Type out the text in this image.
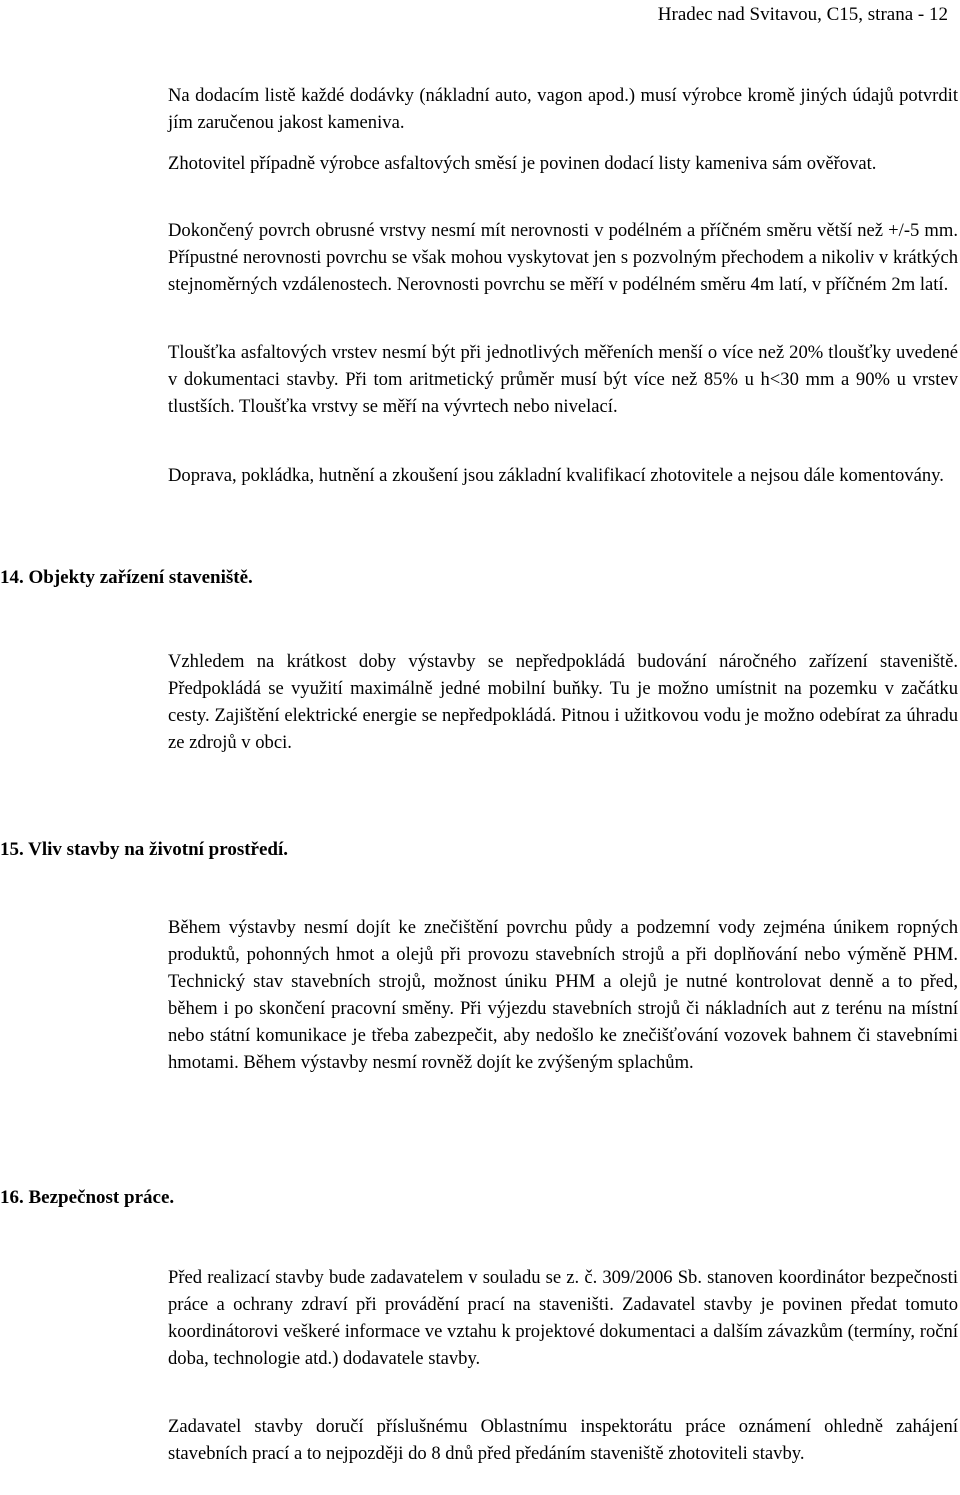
Hradec nad Svitavou, C15, strana - 12

Na dodacím listě každé dodávky (nákladní auto, vagon apod.) musí výrobce kromě jiných údajů potvrdit jím zaručenou jakost kameniva.

Zhotovitel případně výrobce asfaltových směsí je povinen dodací listy kameniva sám ověřovat.

Dokončený povrch obrusné vrstvy nesmí mít nerovnosti v podélném a příčném směru větší než +/-5 mm. Přípustné nerovnosti povrchu se však mohou vyskytovat jen s pozvolným přechodem a nikoliv v krátkých stejnoměrných vzdálenostech. Nerovnosti povrchu se měří v podélném směru 4m latí, v příčném 2m latí.

Tloušťka asfaltových vrstev nesmí být při jednotlivých měřeních menší o více než 20% tloušťky uvedené v dokumentaci stavby. Při tom aritmetický průměr musí být více než 85% u h<30 mm a 90% u vrstev tlustších. Tloušťka vrstvy se měří na vývrtech nebo nivelací.

Doprava, pokládka, hutnění a zkoušení jsou základní kvalifikací zhotovitele a nejsou dále komentovány.

14. Objekty zařízení staveniště.

Vzhledem na krátkost doby výstavby se nepředpokládá budování náročného zařízení staveniště. Předpokládá se využití maximálně jedné mobilní buňky. Tu je možno umístnit na pozemku v začátku cesty. Zajištění elektrické energie se nepředpokládá. Pitnou i užitkovou vodu je možno odebírat za úhradu ze zdrojů v obci.

15. Vliv stavby na životní prostředí.

Během výstavby nesmí dojít ke znečištění povrchu půdy a podzemní vody zejména únikem ropných produktů, pohonných hmot a olejů při provozu stavebních strojů a při doplňování nebo výměně PHM. Technický stav stavebních strojů, možnost úniku PHM a olejů je nutné kontrolovat denně a to před, během i po skončení pracovní směny. Při výjezdu stavebních strojů či nákladních aut z terénu na místní nebo státní komunikace je třeba zabezpečit, aby nedošlo ke znečišťování vozovek bahnem či stavebními hmotami. Během výstavby nesmí rovněž dojít ke zvýšeným splachům.

16. Bezpečnost práce.

Před realizací stavby bude zadavatelem v souladu se z. č. 309/2006 Sb. stanoven koordinátor bezpečnosti práce a ochrany zdraví při provádění prací na staveništi. Zadavatel stavby je povinen předat tomuto koordinátorovi veškeré informace ve vztahu k projektové dokumentaci a dalším závazkům (termíny, roční doba, technologie atd.) dodavatele stavby.

Zadavatel stavby doručí příslušnému Oblastnímu inspektorátu práce oznámení ohledně zahájení stavebních prací a to nejpozději do 8 dnů před předáním staveniště zhotoviteli stavby.
